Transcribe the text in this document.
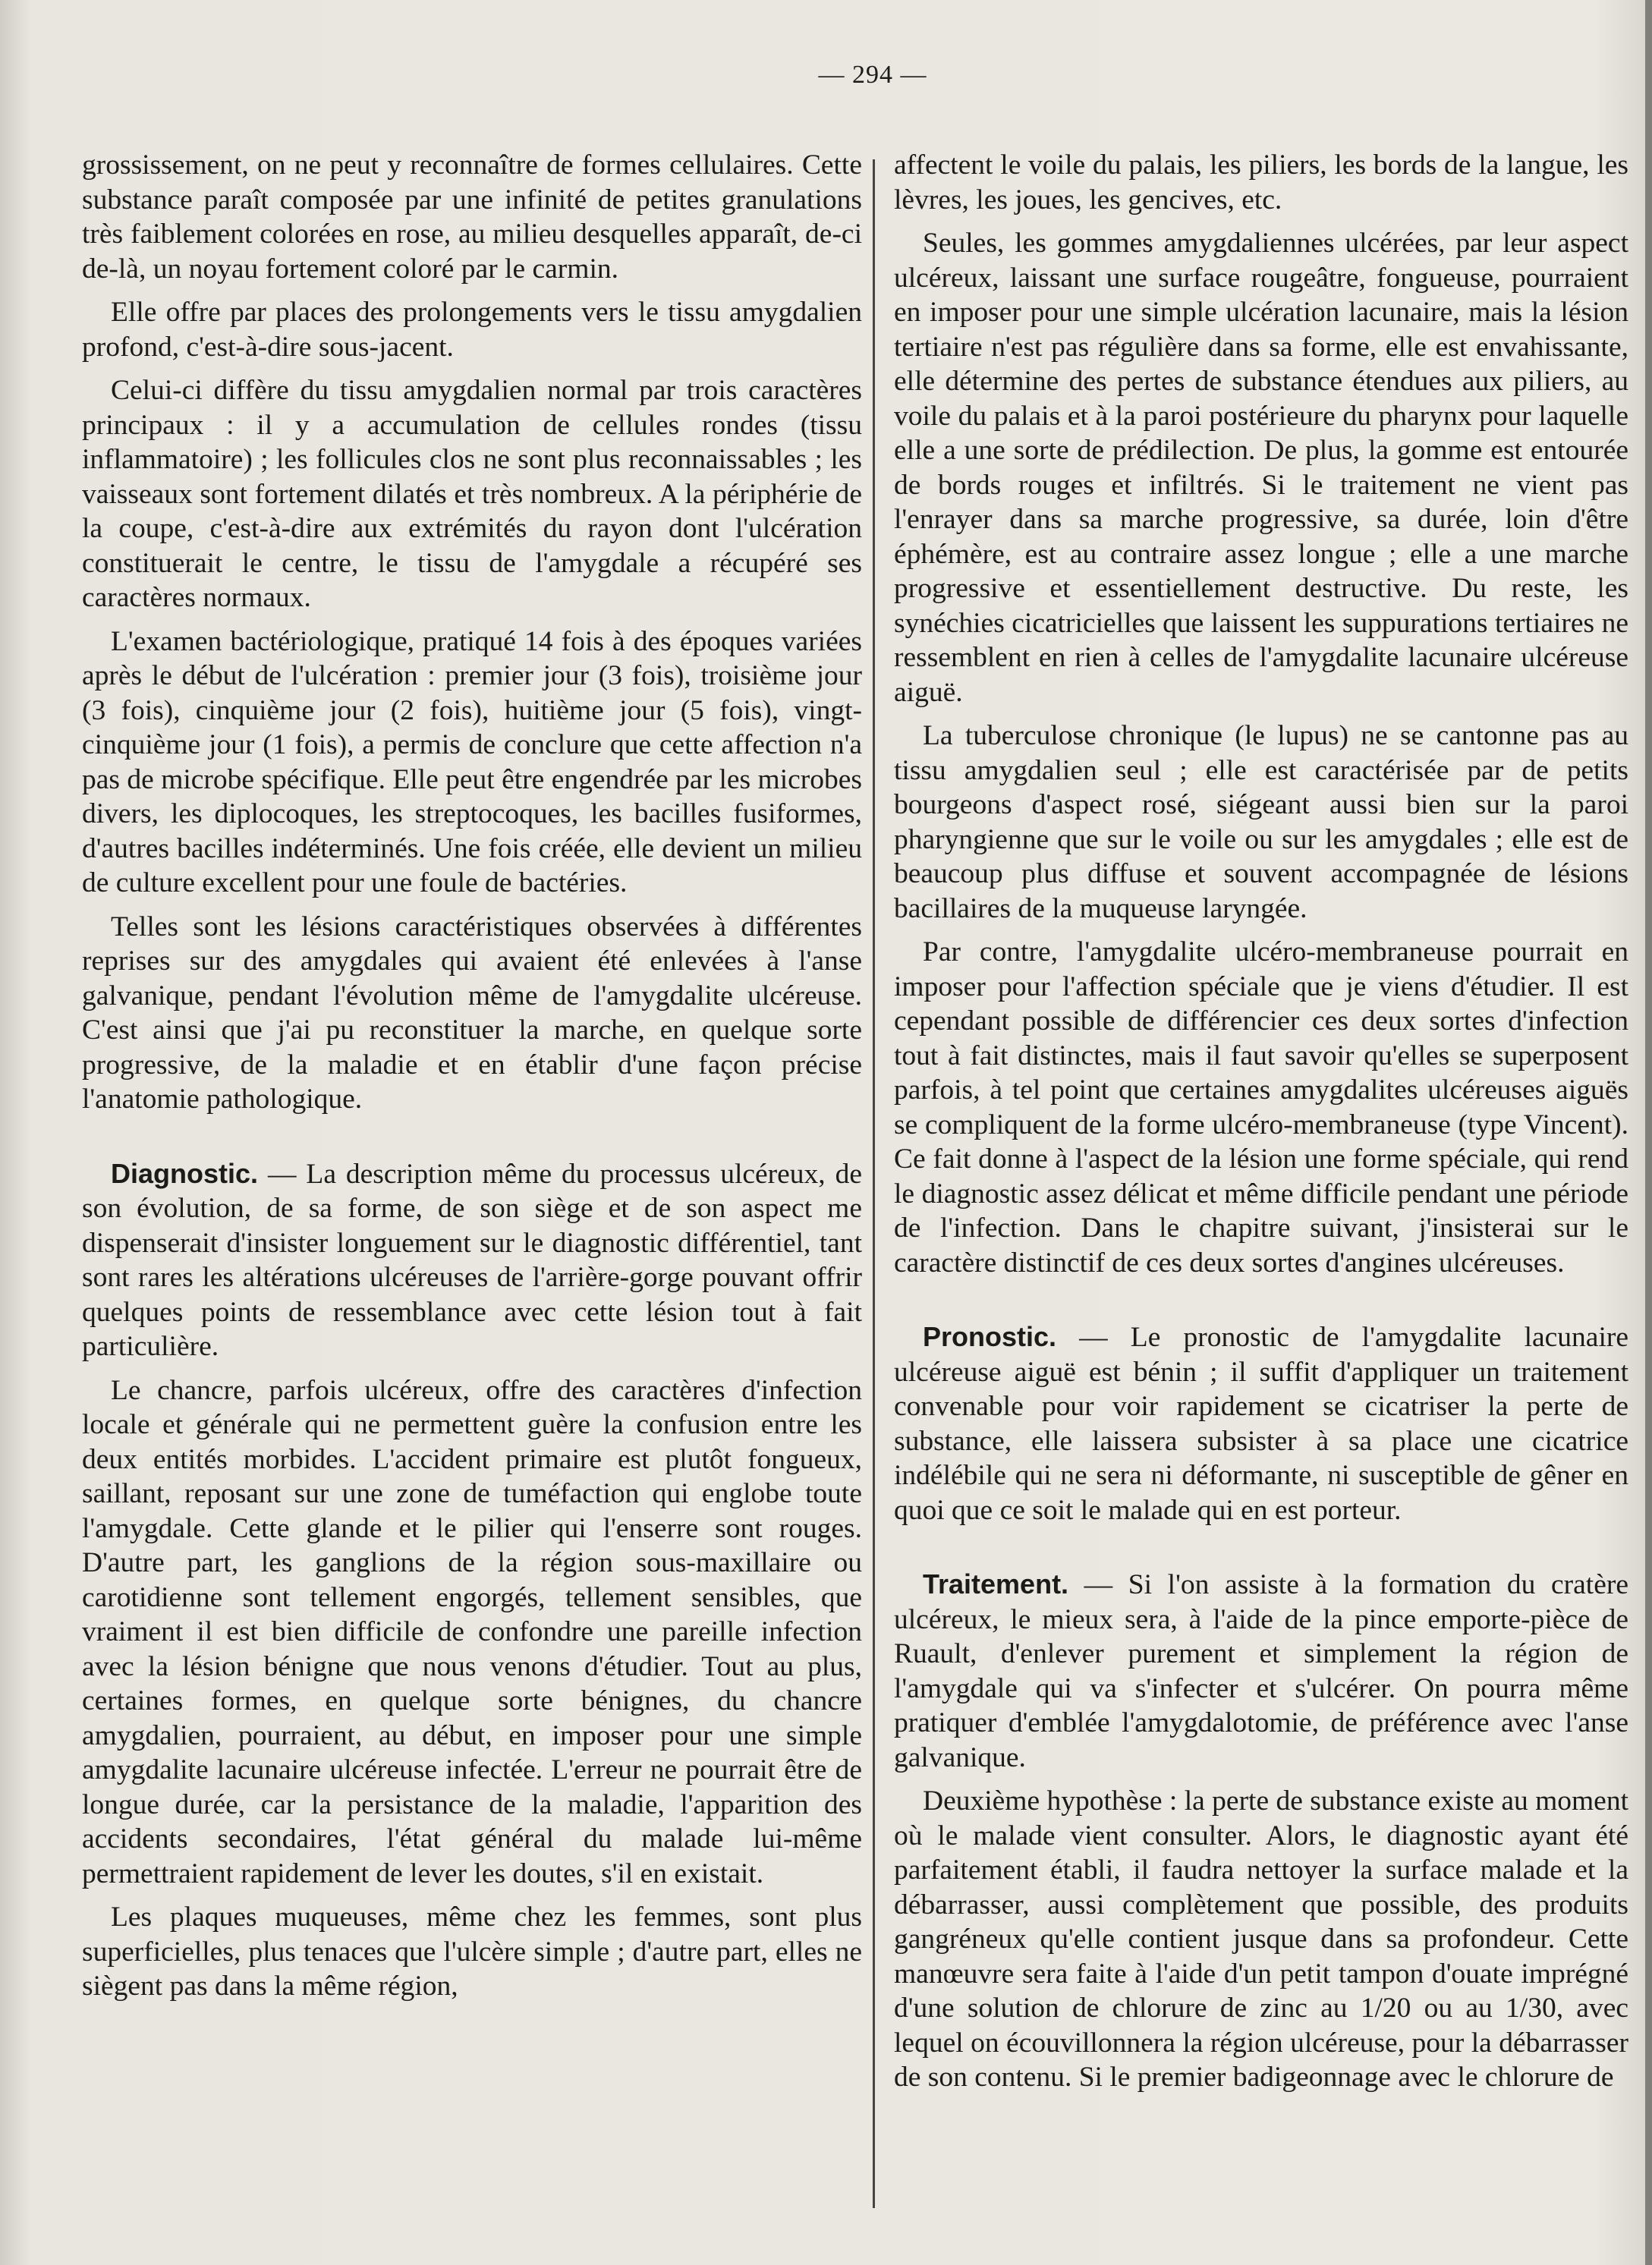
— 294 —

grossissement, on ne peut y reconnaître de formes cellulaires. Cette substance paraît composée par une infinité de petites granulations très faiblement colorées en rose, au milieu desquelles apparaît, de-ci de-là, un noyau fortement coloré par le carmin.

Elle offre par places des prolongements vers le tissu amygdalien profond, c'est-à-dire sous-jacent.

Celui-ci diffère du tissu amygdalien normal par trois caractères principaux : il y a accumulation de cellules rondes (tissu inflammatoire) ; les follicules clos ne sont plus reconnaissables ; les vaisseaux sont fortement dilatés et très nombreux. A la périphérie de la coupe, c'est-à-dire aux extrémités du rayon dont l'ulcération constituerait le centre, le tissu de l'amygdale a récupéré ses caractères normaux.

L'examen bactériologique, pratiqué 14 fois à des époques variées après le début de l'ulcération : premier jour (3 fois), troisième jour (3 fois), cinquième jour (2 fois), huitième jour (5 fois), vingt-cinquième jour (1 fois), a permis de conclure que cette affection n'a pas de microbe spécifique. Elle peut être engendrée par les microbes divers, les diplocoques, les streptocoques, les bacilles fusiformes, d'autres bacilles indéterminés. Une fois créée, elle devient un milieu de culture excellent pour une foule de bactéries.

Telles sont les lésions caractéristiques observées à différentes reprises sur des amygdales qui avaient été enlevées à l'anse galvanique, pendant l'évolution même de l'amygdalite ulcéreuse. C'est ainsi que j'ai pu reconstituer la marche, en quelque sorte progressive, de la maladie et en établir d'une façon précise l'anatomie pathologique.

Diagnostic. — La description même du processus ulcéreux, de son évolution, de sa forme, de son siège et de son aspect me dispenserait d'insister longuement sur le diagnostic différentiel, tant sont rares les altérations ulcéreuses de l'arrière-gorge pouvant offrir quelques points de ressemblance avec cette lésion tout à fait particulière.

Le chancre, parfois ulcéreux, offre des caractères d'infection locale et générale qui ne permettent guère la confusion entre les deux entités morbides. L'accident primaire est plutôt fongueux, saillant, reposant sur une zone de tuméfaction qui englobe toute l'amygdale. Cette glande et le pilier qui l'enserre sont rouges. D'autre part, les ganglions de la région sous-maxillaire ou carotidienne sont tellement engorgés, tellement sensibles, que vraiment il est bien difficile de confondre une pareille infection avec la lésion bénigne que nous venons d'étudier. Tout au plus, certaines formes, en quelque sorte bénignes, du chancre amygdalien, pourraient, au début, en imposer pour une simple amygdalite lacunaire ulcéreuse infectée. L'erreur ne pourrait être de longue durée, car la persistance de la maladie, l'apparition des accidents secondaires, l'état général du malade lui-même permettraient rapidement de lever les doutes, s'il en existait.

Les plaques muqueuses, même chez les femmes, sont plus superficielles, plus tenaces que l'ulcère simple ; d'autre part, elles ne siègent pas dans la même région,

affectent le voile du palais, les piliers, les bords de la langue, les lèvres, les joues, les gencives, etc.

Seules, les gommes amygdaliennes ulcérées, par leur aspect ulcéreux, laissant une surface rougeâtre, fongueuse, pourraient en imposer pour une simple ulcération lacunaire, mais la lésion tertiaire n'est pas régulière dans sa forme, elle est envahissante, elle détermine des pertes de substance étendues aux piliers, au voile du palais et à la paroi postérieure du pharynx pour laquelle elle a une sorte de prédilection. De plus, la gomme est entourée de bords rouges et infiltrés. Si le traitement ne vient pas l'enrayer dans sa marche progressive, sa durée, loin d'être éphémère, est au contraire assez longue ; elle a une marche progressive et essentiellement destructive. Du reste, les synéchies cicatricielles que laissent les suppurations tertiaires ne ressemblent en rien à celles de l'amygdalite lacunaire ulcéreuse aiguë.

La tuberculose chronique (le lupus) ne se cantonne pas au tissu amygdalien seul ; elle est caractérisée par de petits bourgeons d'aspect rosé, siégeant aussi bien sur la paroi pharyngienne que sur le voile ou sur les amygdales ; elle est de beaucoup plus diffuse et souvent accompagnée de lésions bacillaires de la muqueuse laryngée.

Par contre, l'amygdalite ulcéro-membraneuse pourrait en imposer pour l'affection spéciale que je viens d'étudier. Il est cependant possible de différencier ces deux sortes d'infection tout à fait distinctes, mais il faut savoir qu'elles se superposent parfois, à tel point que certaines amygdalites ulcéreuses aiguës se compliquent de la forme ulcéro-membraneuse (type Vincent). Ce fait donne à l'aspect de la lésion une forme spéciale, qui rend le diagnostic assez délicat et même difficile pendant une période de l'infection. Dans le chapitre suivant, j'insisterai sur le caractère distinctif de ces deux sortes d'angines ulcéreuses.

Pronostic. — Le pronostic de l'amygdalite lacunaire ulcéreuse aiguë est bénin ; il suffit d'appliquer un traitement convenable pour voir rapidement se cicatriser la perte de substance, elle laissera subsister à sa place une cicatrice indélébile qui ne sera ni déformante, ni susceptible de gêner en quoi que ce soit le malade qui en est porteur.

Traitement. — Si l'on assiste à la formation du cratère ulcéreux, le mieux sera, à l'aide de la pince emporte-pièce de Ruault, d'enlever purement et simplement la région de l'amygdale qui va s'infecter et s'ulcérer. On pourra même pratiquer d'emblée l'amygdalotomie, de préférence avec l'anse galvanique.

Deuxième hypothèse : la perte de substance existe au moment où le malade vient consulter. Alors, le diagnostic ayant été parfaitement établi, il faudra nettoyer la surface malade et la débarrasser, aussi complètement que possible, des produits gangréneux qu'elle contient jusque dans sa profondeur. Cette manœuvre sera faite à l'aide d'un petit tampon d'ouate imprégné d'une solution de chlorure de zinc au 1/20 ou au 1/30, avec lequel on écouvillonnera la région ulcéreuse, pour la débarrasser de son contenu. Si le premier badigeonnage avec le chlorure de
